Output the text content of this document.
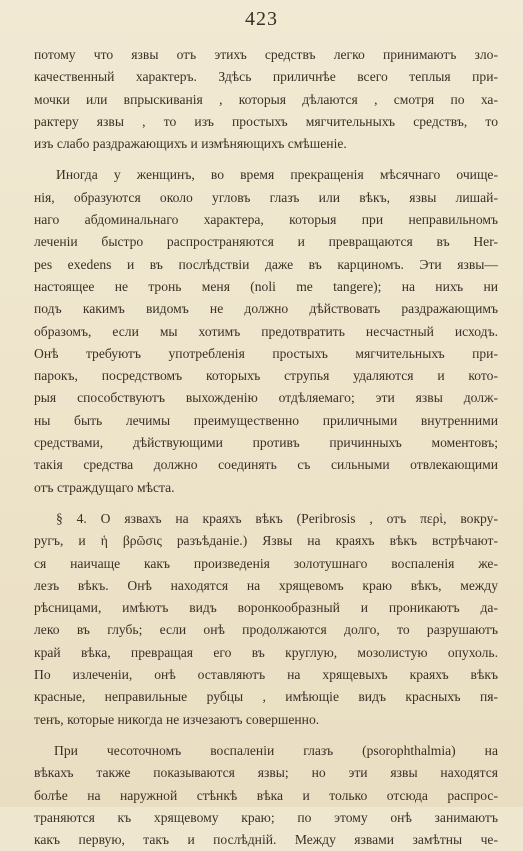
423
потому что язвы отъ этихъ средствъ легко принимаютъ зло-
качественный характеръ. Здѣсь приличнѣе всего теплыя при-
мочки или впрыскиванія , которыя дѣлаются , смотря по ха-
рактеру язвы , то изъ простыхъ мягчительныхъ средствъ, то
изъ слабо раздражающихъ и измѣняющихъ смѣшеніе.
Иногда у женщинъ, во время прекращенія мѣсячнаго очище-
нія, образуются около угловъ глазъ или вѣкъ, язвы лишай-
наго абдоминальнаго характера, которыя при неправильномъ
леченіи быстро распространяются и превращаются въ Her-
pes exedens и въ послѣдствіи даже въ карциномъ. Эти язвы—
настоящее не тронь меня (noli me tangere); на нихъ ни
подъ какимъ видомъ не должно дѣйствовать раздражающимъ
образомъ, если мы хотимъ предотвратить несчастный исходъ.
Онѣ требуютъ употребленія простыхъ мягчительныхъ при-
парокъ, посредствомъ которыхъ струпья удаляются и кото-
рыя способствуютъ выхожденію отдѣляемаго; эти язвы долж-
ны быть лечимы преимущественно приличными внутренними
средствами, дѣйствующими противъ причинныхъ моментовъ;
такія средства должно соединять съ сильными отвлекающими
отъ страждущаго мѣста.
§ 4. О язвахъ на краяхъ вѣкъ (Peribrosis , отъ περὶ, вокру-
ругъ, и ἡ βρῶσις разъѣданіе.) Язвы на краяхъ вѣкъ встрѣчают-
ся наичаще какъ произведенія золотушнаго воспаленія же-
лезъ вѣкъ. Онѣ находятся на хрящевомъ краю вѣкъ, между
рѣсницами, имѣютъ видъ воронкообразный и проникаютъ да-
леко въ глубь; если онѣ продолжаются долго, то разрушаютъ
край вѣка, превращая его въ круглую, мозолистую опухоль.
По излеченіи, онѣ оставляютъ на хрящевыхъ краяхъ вѣкъ
красные, неправильные рубцы , имѣющіе видъ красныхъ пя-
тенъ, которые никогда не изчезаютъ совершенно.
При чесоточномъ воспаленіи глазъ (psorophthalmia) на
вѣкахъ также показываются язвы; но эти язвы находятся
болѣе на наружной стѣнкѣ вѣка и только отсюда распрос-
траняются къ хрящевому краю; по этому онѣ занимаютъ
какъ первую, такъ и послѣдній. Между язвами замѣтны че-
